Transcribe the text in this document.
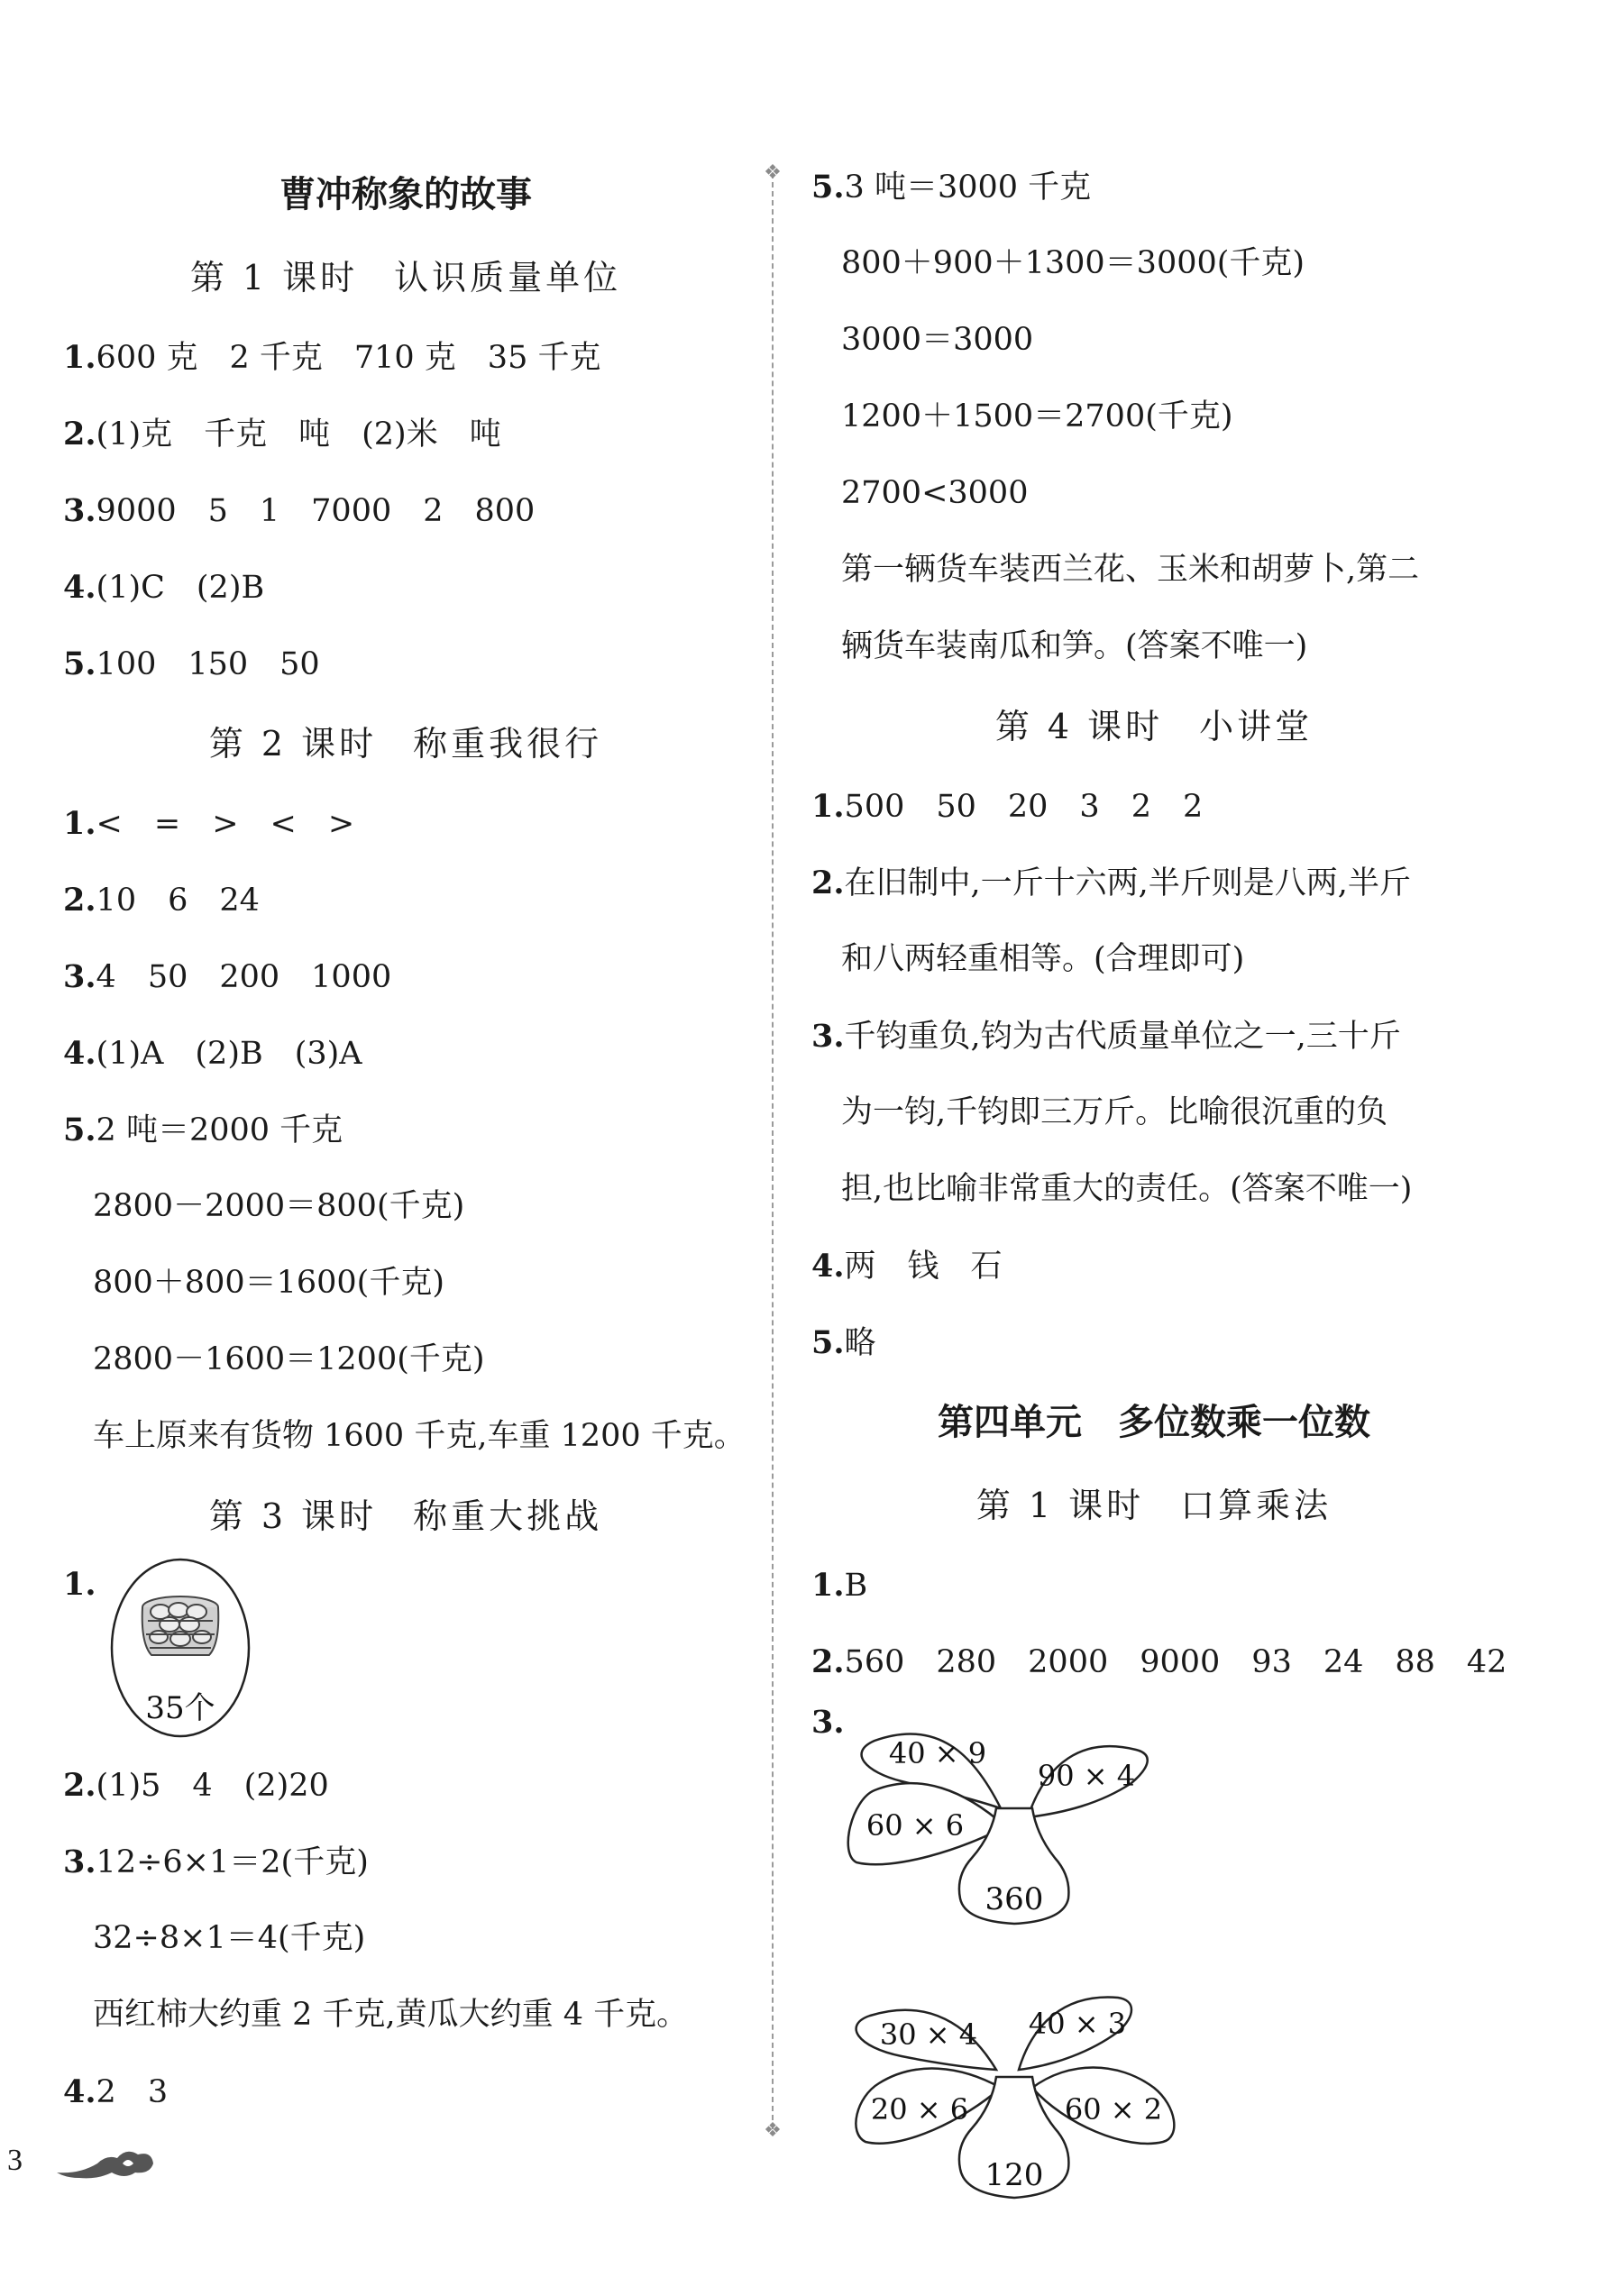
曹冲称象的故事
第 1 课时 认识质量单位
1.600 克　2 千克　710 克　35 千克
2.(1)克　千克　吨　(2)米　吨
3.9000　5　1　7000　2　800
4.(1)C　(2)B
5.100　150　50
第 2 课时 称重我很行
1.<　=　>　<　>
2.10　6　24
3.4　50　200　1000
4.(1)A　(2)B　(3)A
5.2 吨＝2000 千克
2800－2000＝800(千克)
800＋800＝1600(千克)
2800－1600＝1200(千克)
车上原来有货物 1600 千克,车重 1200 千克。
第 3 课时 称重大挑战
1.
35个
2.(1)5　4　(2)20
3.12÷6×1＝2(千克)
32÷8×1＝4(千克)
西红柿大约重 2 千克,黄瓜大约重 4 千克。
4.2　3
❖
❖
5.3 吨＝3000 千克
800＋900＋1300＝3000(千克)
3000＝3000
1200＋1500＝2700(千克)
2700<3000
第一辆货车装西兰花、玉米和胡萝卜,第二
辆货车装南瓜和笋。(答案不唯一)
第 4 课时 小讲堂
1.500　50　20　3　2　2
2.在旧制中,一斤十六两,半斤则是八两,半斤
和八两轻重相等。(合理即可)
3.千钧重负,钧为古代质量单位之一,三十斤
为一钧,千钧即三万斤。比喻很沉重的负
担,也比喻非常重大的责任。(答案不唯一)
4.两　钱　石
5.略
第四单元　多位数乘一位数
第 1 课时 口算乘法
1.B
2.560　280　2000　9000　93　24　88　42
3.
40 × 9
90 × 4
60 × 6
360
30 × 4 40 × 3
20 × 6	60 × 2
120
3
